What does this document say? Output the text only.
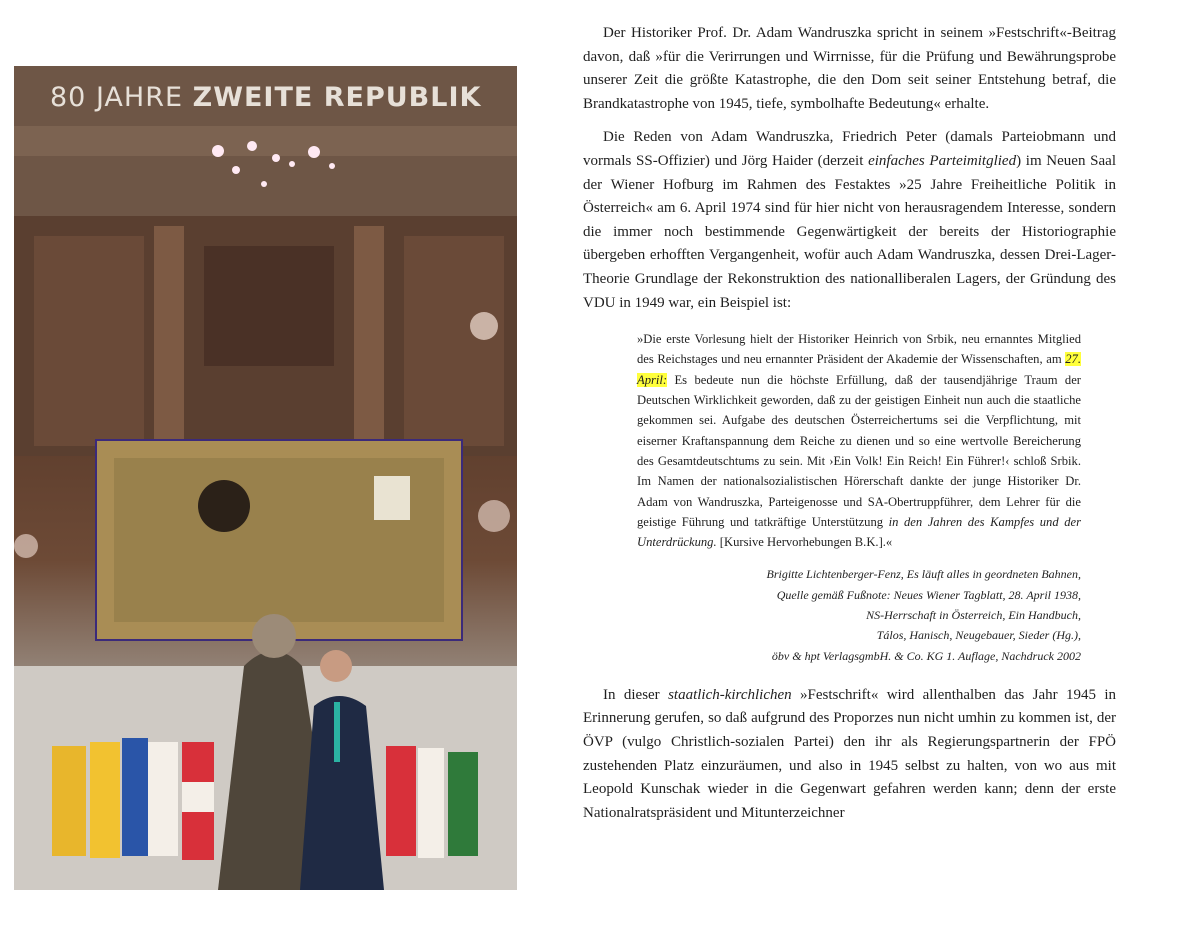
80 JAHRE ZWEITE REPUBLIK

Der Historiker Prof. Dr. Adam Wandruszka spricht in seinem »Festschrift«-Beitrag davon, daß »für die Verirrungen und Wirrnisse, für die Prüfung und Bewährungsprobe unserer Zeit die größte Katastrophe, die den Dom seit seiner Entstehung betraf, die Brandkatastrophe von 1945, tiefe, symbolhafte Bedeutung« erhalte.

Die Reden von Adam Wandruszka, Friedrich Peter (damals Parteiobmann und vormals SS-Offizier) und Jörg Haider (derzeit einfaches Parteimitglied) im Neuen Saal der Wiener Hofburg im Rahmen des Festaktes »25 Jahre Freiheitliche Politik in Österreich« am 6. April 1974 sind für hier nicht von herausragendem Interesse, sondern die immer noch bestimmende Gegenwärtigkeit der bereits der Historiographie übergeben erhofften Vergangenheit, wofür auch Adam Wandruszka, dessen Drei-Lager-Theorie Grundlage der Rekonstruktion des nationalliberalen Lagers, der Gründung des VDU in 1949 war, ein Beispiel ist:

»Die erste Vorlesung hielt der Historiker Heinrich von Srbik, neu ernanntes Mitglied des Reichstages und neu ernannter Präsident der Akademie der Wissenschaften, am 27. April: Es bedeute nun die höchste Erfüllung, daß der tausendjährige Traum der Deutschen Wirklichkeit geworden, daß zu der geistigen Einheit nun auch die staatliche gekommen sei. Aufgabe des deutschen Österreichertums sei die Verpflichtung, mit eiserner Kraftanspannung dem Reiche zu dienen und so eine wertvolle Bereicherung des Gesamtdeutschtums zu sein. Mit ›Ein Volk! Ein Reich! Ein Führer!‹ schloß Srbik. Im Namen der nationalsozialistischen Hörerschaft dankte der junge Historiker Dr. Adam von Wandruszka, Parteigenosse und SA-Obertruppführer, dem Lehrer für die geistige Führung und tatkräftige Unterstützung in den Jahren des Kampfes und der Unterdrückung. [Kursive Hervorhebungen B.K.].«
Brigitte Lichtenberger-Fenz, Es läuft alles in geordneten Bahnen,
Quelle gemäß Fußnote: Neues Wiener Tagblatt, 28. April 1938,
NS-Herrschaft in Österreich, Ein Handbuch,
Tálos, Hanisch, Neugebauer, Sieder (Hg.),
öbv & hpt VerlagsgmbH. & Co. KG 1. Auflage, Nachdruck 2002

In dieser staatlich-kirchlichen »Festschrift« wird allenthalben das Jahr 1945 in Erinnerung gerufen, so daß aufgrund des Proporzes nun nicht umhin zu kommen ist, der ÖVP (vulgo Christlich-sozialen Partei) den ihr als Regierungspartnerin der FPÖ zustehenden Platz einzuräumen, und also in 1945 selbst zu halten, von wo aus mit Leopold Kunschak wieder in die Gegenwart gefahren werden kann; denn der erste Nationalratspräsident und Mitunterzeichner
